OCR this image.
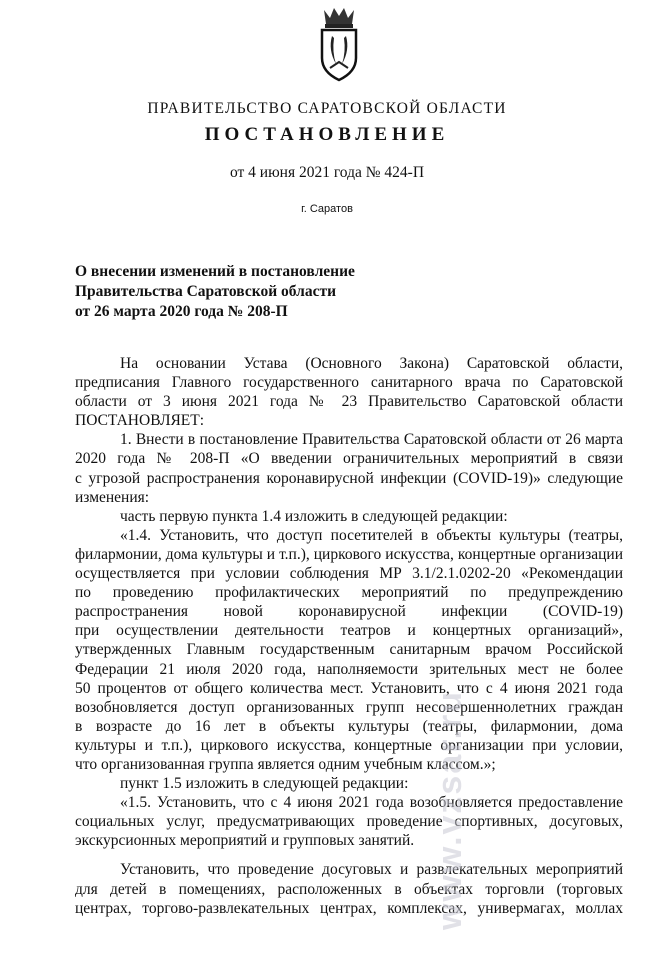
ПРАВИТЕЛЬСТВО САРАТОВСКОЙ ОБЛАСТИ
ПОСТАНОВЛЕНИЕ
от 4 июня 2021 года № 424-П
г. Саратов
О внесении изменений в постановление
Правительства Саратовской области
от 26 марта 2020 года № 208-П
На основании Устава (Основного Закона) Саратовской области,
предписания Главного государственного санитарного врача по Саратовской
области от 3 июня 2021 года № 23 Правительство Саратовской области
ПОСТАНОВЛЯЕТ:
1. Внести в постановление Правительства Саратовской области от 26 марта
2020 года № 208-П «О введении ограничительных мероприятий в связи
с угрозой распространения коронавирусной инфекции (COVID-19)» следующие
изменения:
часть первую пункта 1.4 изложить в следующей редакции:
«1.4. Установить, что доступ посетителей в объекты культуры (театры,
филармонии, дома культуры и т.п.), циркового искусства, концертные организации
осуществляется при условии соблюдения МР 3.1/2.1.0202-20 «Рекомендации
по проведению профилактических мероприятий по предупреждению
распространения новой коронавирусной инфекции (COVID-19)
при осуществлении деятельности театров и концертных организаций»,
утвержденных Главным государственным санитарным врачом Российской
Федерации 21 июля 2020 года, наполняемости зрительных мест не более
50 процентов от общего количества мест. Установить, что с 4 июня 2021 года
возобновляется доступ организованных групп несовершеннолетних граждан
в возрасте до 16 лет в объекты культуры (театры, филармонии, дома
культуры и т.п.), циркового искусства, концертные организации при условии,
что организованная группа является одним учебным классом.»;
пункт 1.5 изложить в следующей редакции:
«1.5. Установить, что с 4 июня 2021 года возобновляется предоставление
социальных услуг, предусматривающих проведение спортивных, досуговых,
экскурсионных мероприятий и групповых занятий.
Установить, что проведение досуговых и развлекательных мероприятий
для детей в помещениях, расположенных в объектах торговли (торговых
центрах, торгово-развлекательных центрах, комплексах, универмагах, моллах
www.vzsar.ru
